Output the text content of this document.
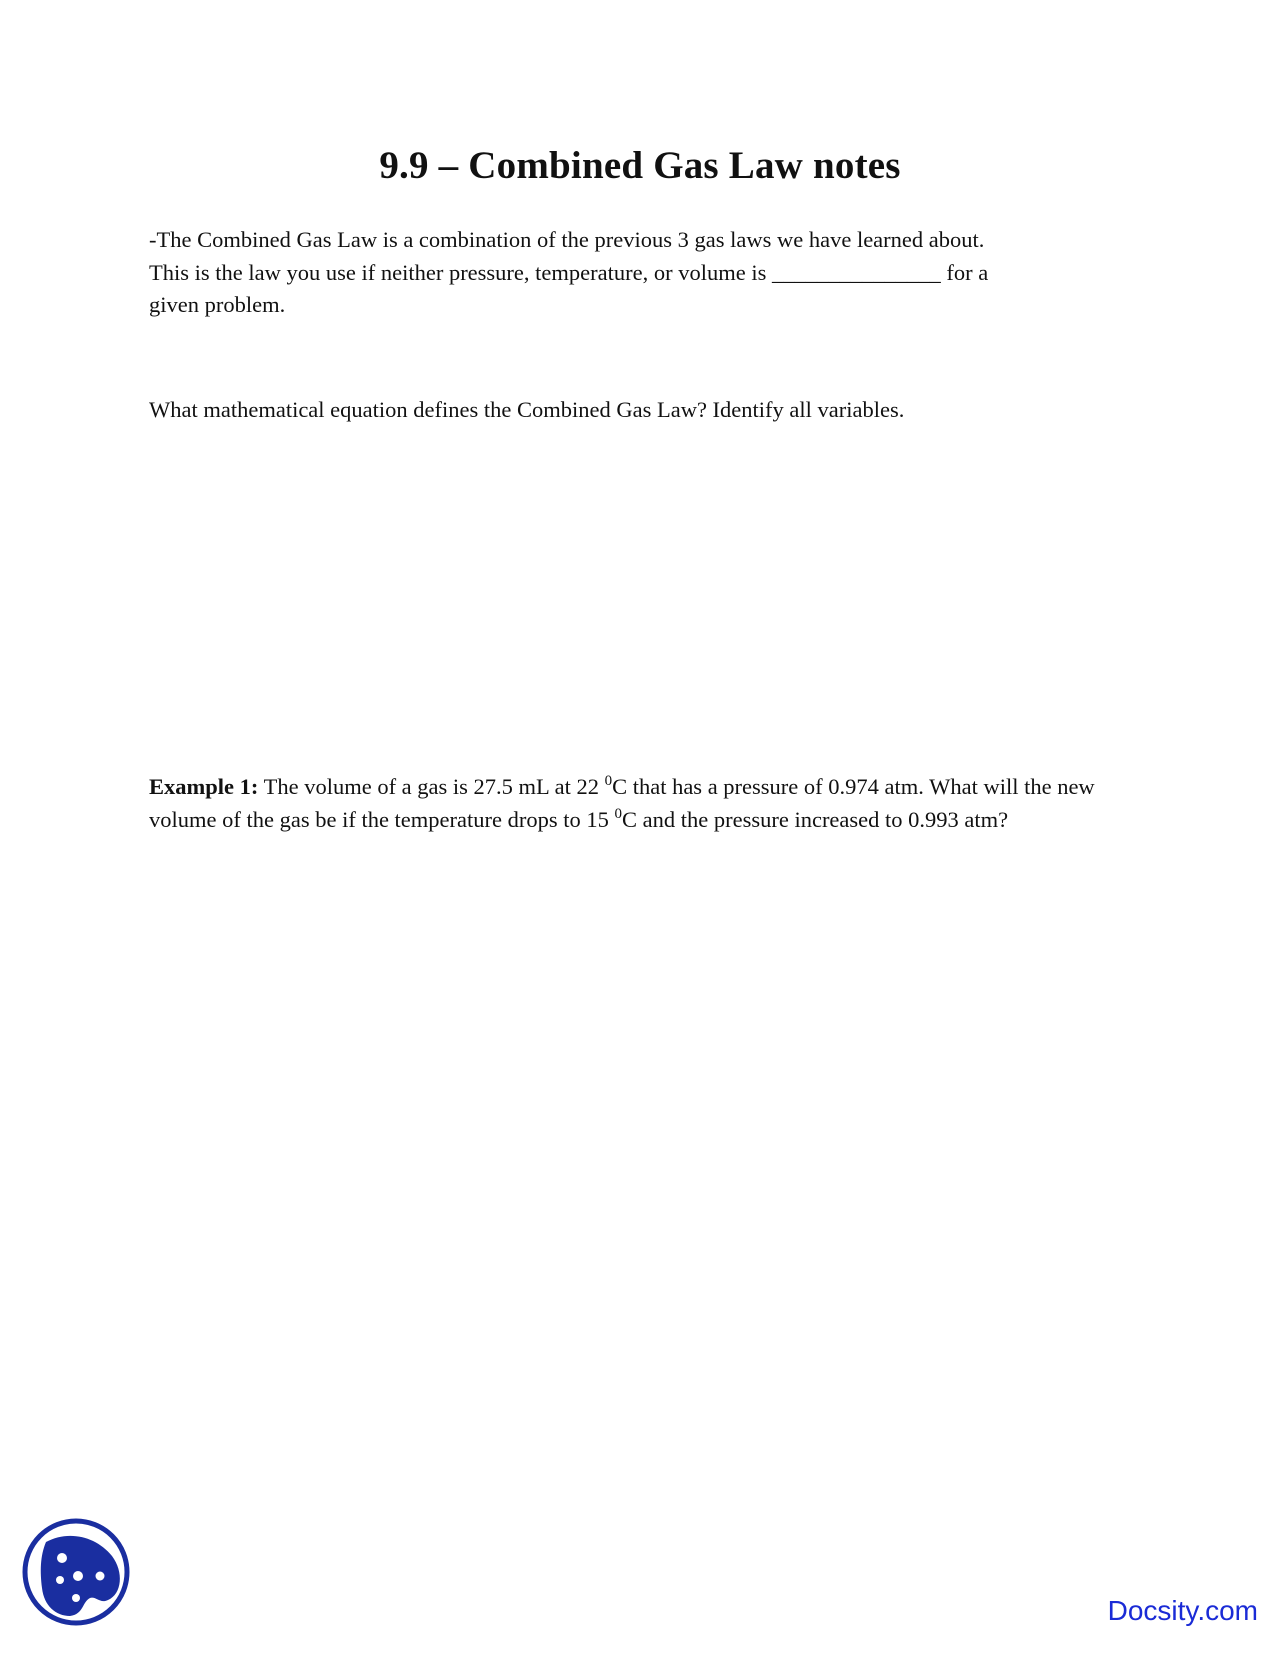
9.9 – Combined Gas Law notes

-The Combined Gas Law is a combination of the previous 3 gas laws we have learned about.
This is the law you use if neither pressure, temperature, or volume is _______________ for a
given problem.

What mathematical equation defines the Combined Gas Law? Identify all variables.

Example 1: The volume of a gas is 27.5 mL at 22 $^0$C that has a pressure of 0.974 atm. What will the new volume of the gas be if the temperature drops to 15 $^0$C and the pressure increased to 0.993 atm?

Docsity.com
